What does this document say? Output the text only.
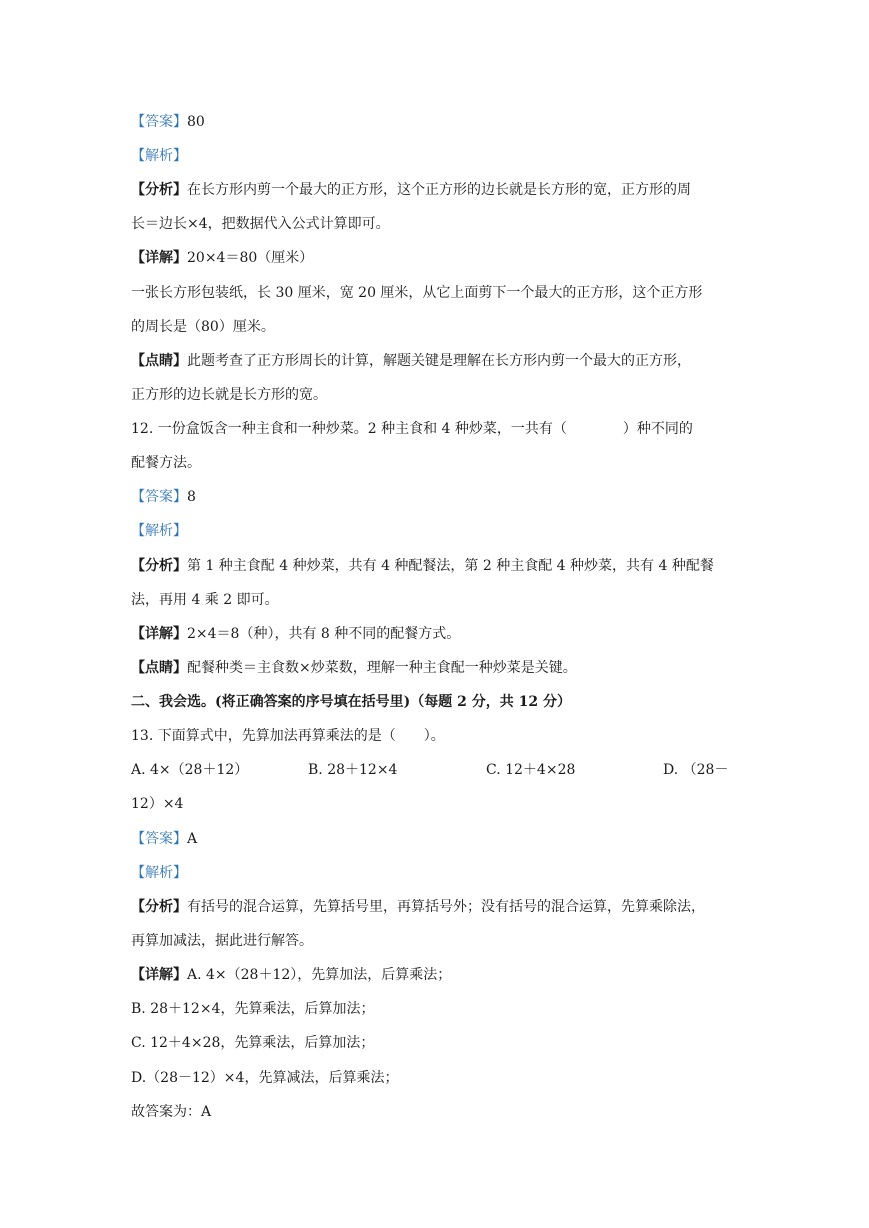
【答案】80
【解析】
【分析】在长方形内剪一个最大的正方形，这个正方形的边长就是长方形的宽，正方形的周
长＝边长×4，把数据代入公式计算即可。
【详解】20×4＝80（厘米）
一张长方形包装纸，长 30 厘米，宽 20 厘米，从它上面剪下一个最大的正方形，这个正方形
的周长是（80）厘米。
【点睛】此题考查了正方形周长的计算，解题关键是理解在长方形内剪一个最大的正方形，
正方形的边长就是长方形的宽。
12. 一份盒饭含一种主食和一种炒菜。2 种主食和 4 种炒菜，一共有（　　　　）种不同的
配餐方法。
【答案】8
【解析】
【分析】第 1 种主食配 4 种炒菜，共有 4 种配餐法，第 2 种主食配 4 种炒菜，共有 4 种配餐
法，再用 4 乘 2 即可。
【详解】2×4＝8（种），共有 8 种不同的配餐方式。
【点睛】配餐种类＝主食数×炒菜数，理解一种主食配一种炒菜是关键。
二、我会选。(将正确答案的序号填在括号里)（每题 2 分，共 12 分）
13. 下面算式中，先算加法再算乘法的是（　　）。
A. 4×（28＋12）	B. 28＋12×4	C. 12＋4×28	D. （28－
12）×4
【答案】A
【解析】
【分析】有括号的混合运算，先算括号里，再算括号外；没有括号的混合运算，先算乘除法，
再算加减法，据此进行解答。
【详解】A. 4×（28＋12），先算加法，后算乘法；
B. 28＋12×4，先算乘法，后算加法；
C. 12＋4×28，先算乘法，后算加法；
D.（28－12）×4，先算减法，后算乘法；
故答案为：A
